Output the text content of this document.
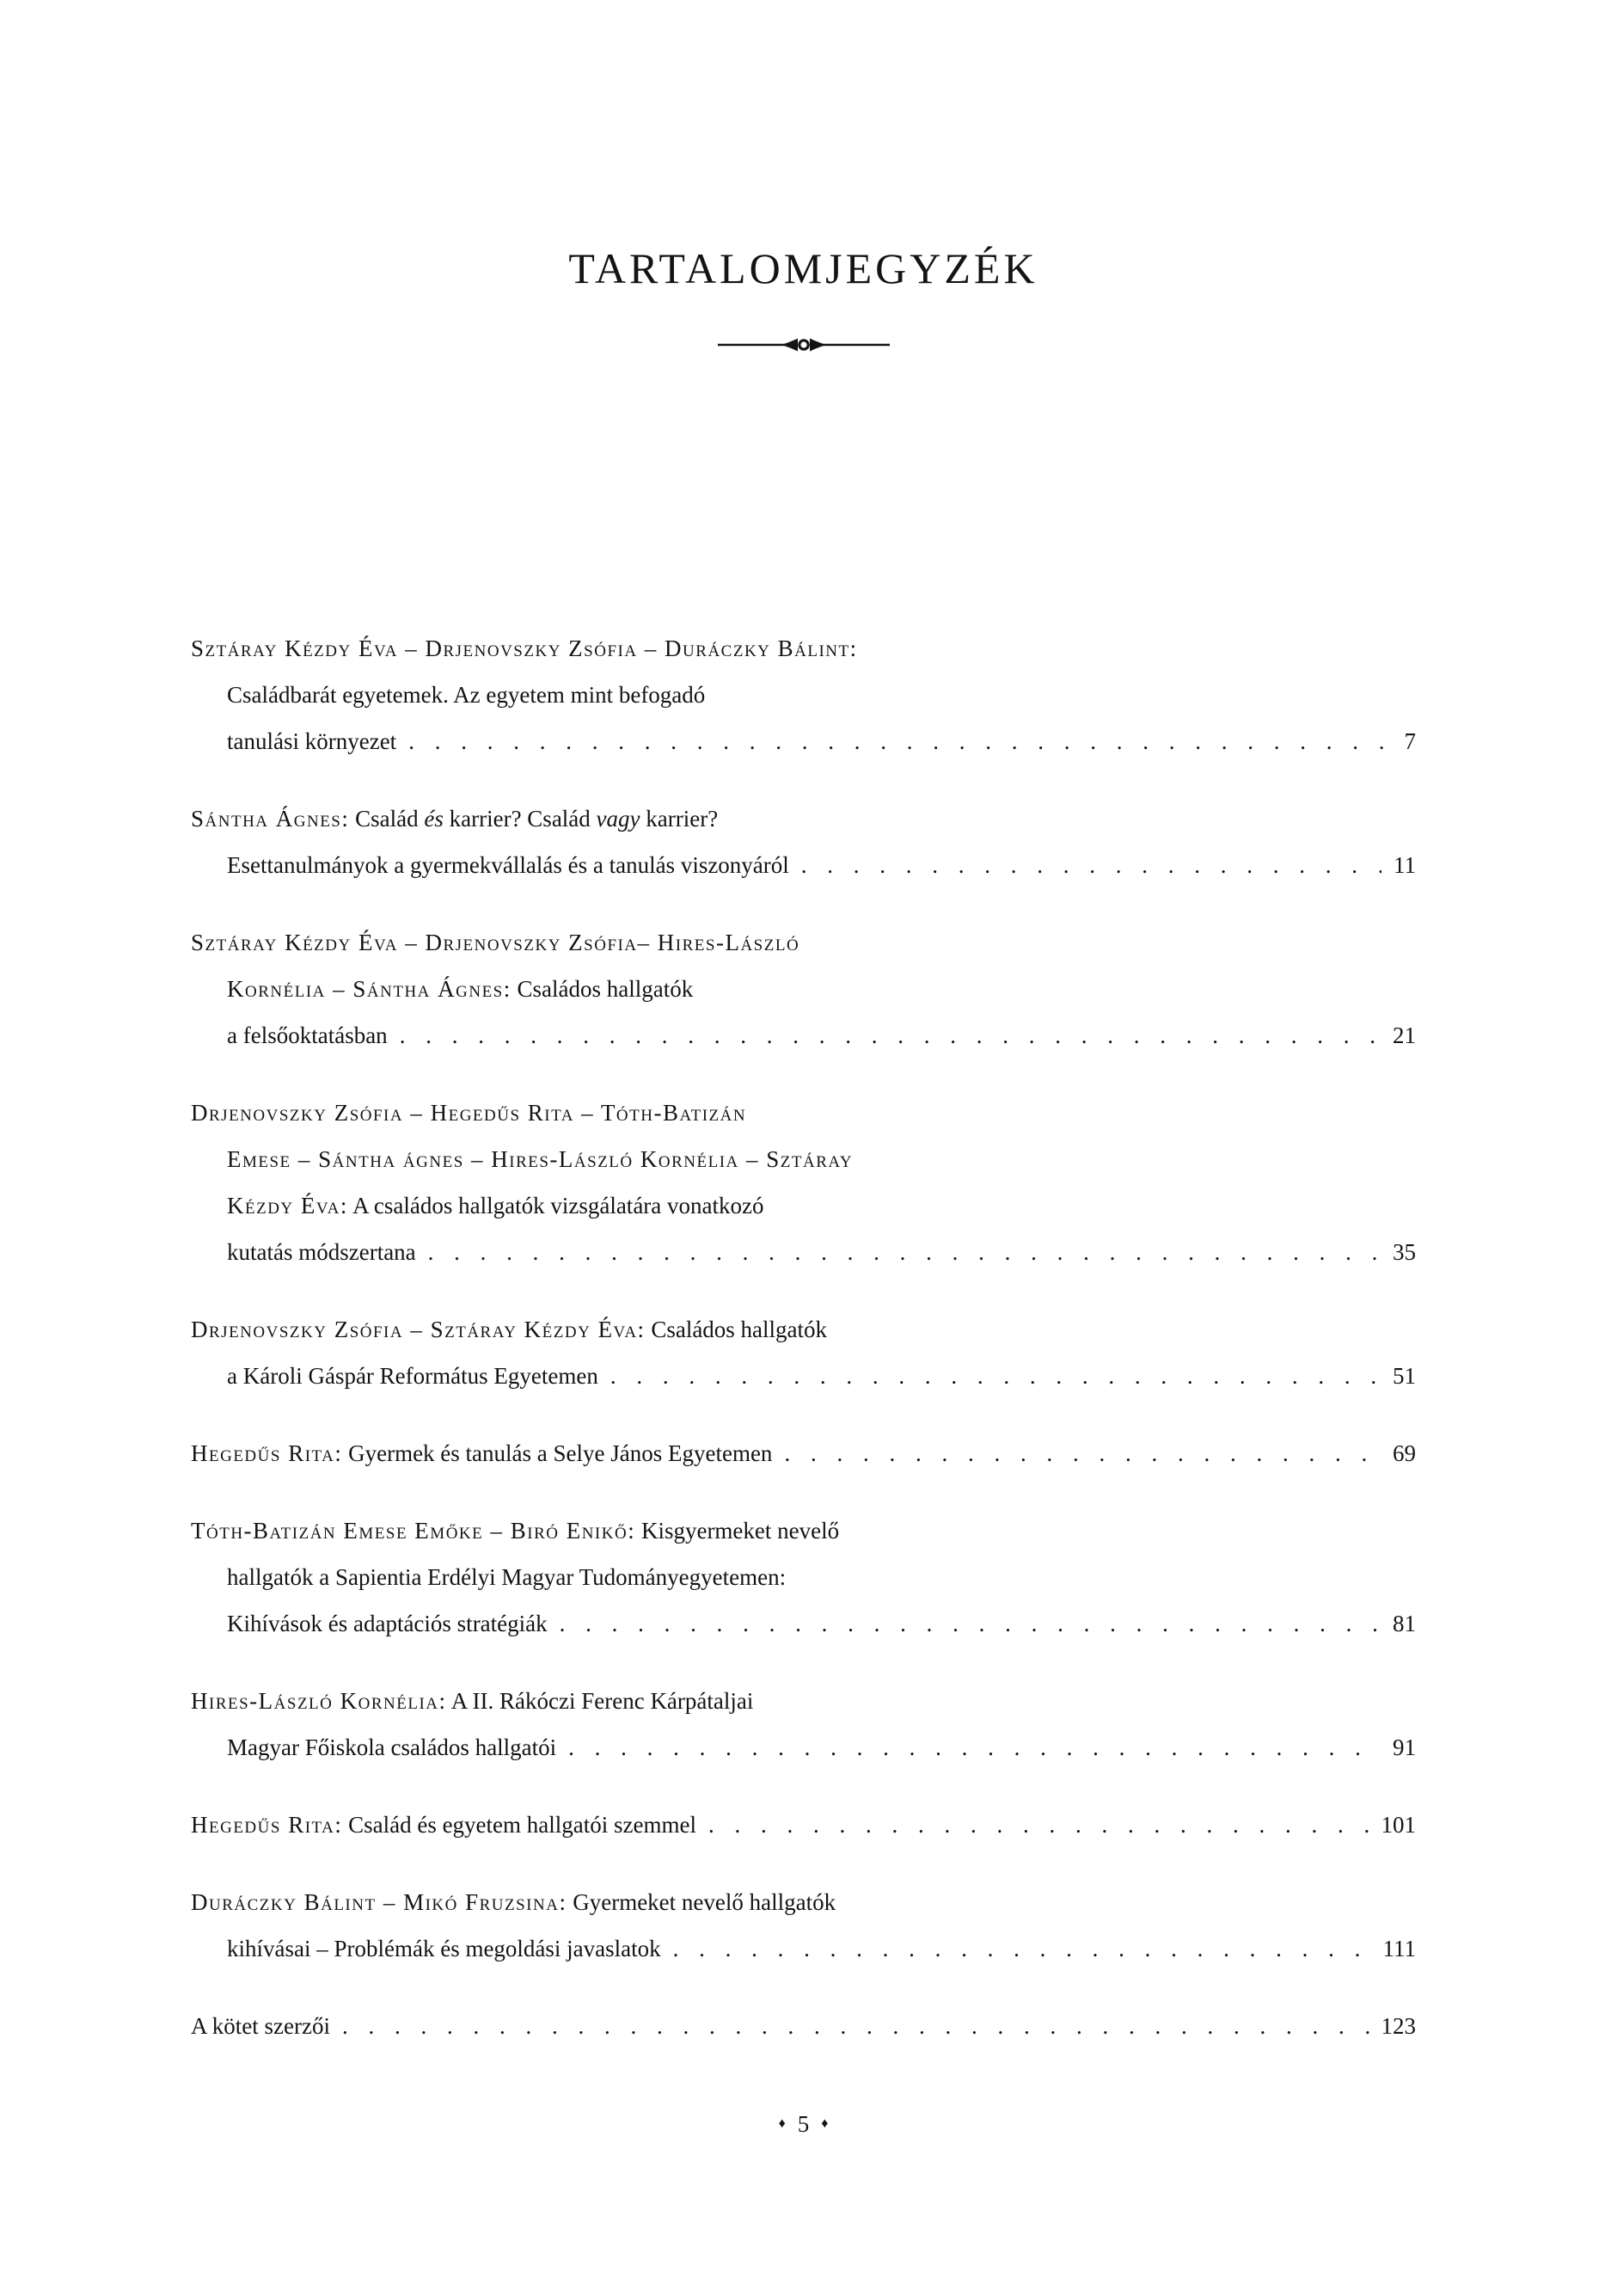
TARTALOMJEGYZÉK
Sztáray Kézdy Éva – Drjenovszky Zsófia – Duráczky Bálint:
Családbarát egyetemek. Az egyetem mint befogadó
tanulási környezet . . .	7
Sántha Ágnes: Család és karrier? Család vagy karrier?
Esettanulmányok a gyermekvállalás és a tanulás viszonyáról . . .	11
Sztáray Kézdy Éva – Drjenovszky Zsófia– Hires-László
Kornélia – Sántha Ágnes: Családos hallgatók
a felsőoktatásban . . .	21
Drjenovszky Zsófia – Hegedűs Rita – Tóth-Batizán
Emese – Sántha ágnes – Hires-László Kornélia – Sztáray
Kézdy Éva: A családos hallgatók vizsgálatára vonatkozó
kutatás módszertana . . .	35
Drjenovszky Zsófia – Sztáray Kézdy Éva: Családos hallgatók
a Károli Gáspár Református Egyetemen . . .	51
Hegedűs Rita: Gyermek és tanulás a Selye János Egyetemen . . .	69
Tóth-Batizán Emese Emőke – Biró Enikő: Kisgyermeket nevelő
hallgatók a Sapientia Erdélyi Magyar Tudományegyetemen:
Kihívások és adaptációs stratégiák . . .	81
Hires-László Kornélia: A II. Rákóczi Ferenc Kárpátaljai
Magyar Főiskola családos hallgatói . . .	91
Hegedűs Rita: Család és egyetem hallgatói szemmel . . .	101
Duráczky Bálint – Mikó Fruzsina: Gyermeket nevelő hallgatók
kihívásai – Problémák és megoldási javaslatok . . .	111
A kötet szerzői . . .	123
♦ 5 ♦
